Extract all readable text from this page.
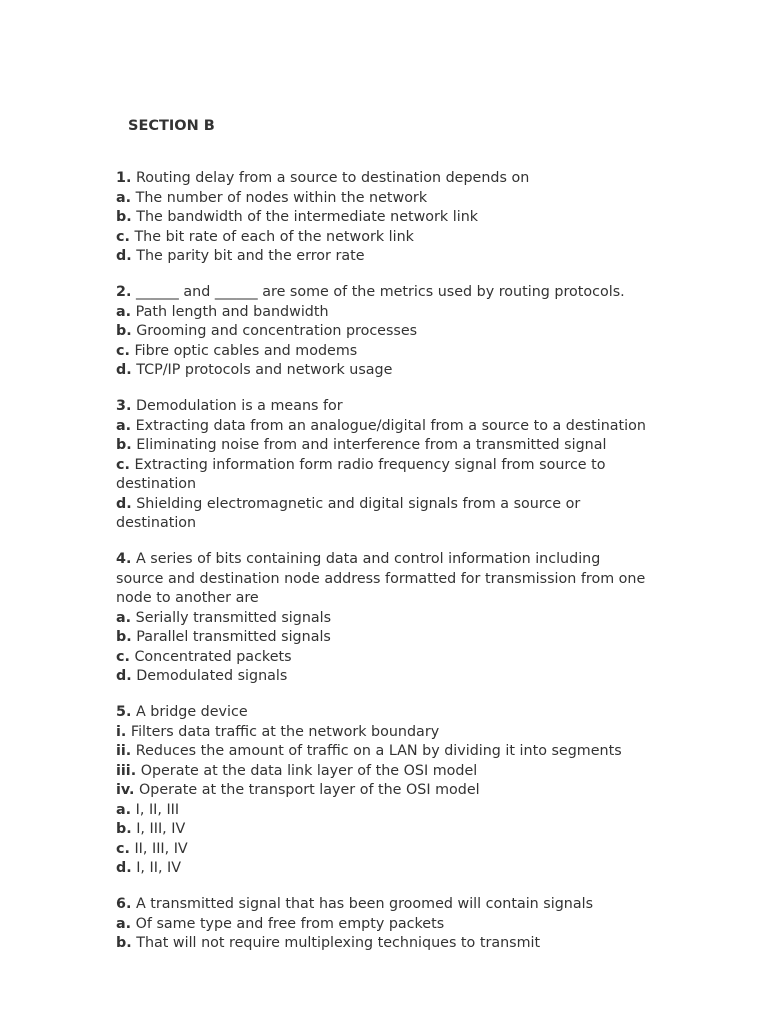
SECTION B
1. Routing delay from a source to destination depends on
a. The number of nodes within the network
b. The bandwidth of the intermediate network link
c. The bit rate of each of the network link
d. The parity bit and the error rate
2. ______ and ______ are some of the metrics used by routing protocols.
a. Path length and bandwidth
b. Grooming and concentration processes
c. Fibre optic cables and modems
d. TCP/IP protocols and network usage
3. Demodulation is a means for
a. Extracting data from an analogue/digital from a source to a destination
b. Eliminating noise from and interference from a transmitted signal
c. Extracting information form radio frequency signal from source to destination
d. Shielding electromagnetic and digital signals from a source or destination
4. A series of bits containing data and control information including source and destination node address formatted for transmission from one node to another are
a. Serially transmitted signals
b. Parallel transmitted signals
c. Concentrated packets
d. Demodulated signals
5. A bridge device
i. Filters data traffic at the network boundary
ii. Reduces the amount of traffic on a LAN by dividing it into segments
iii. Operate at the data link layer of the OSI model
iv. Operate at the transport layer of the OSI model
a. I, II, III
b. I, III, IV
c. II, III, IV
d. I, II, IV
6. A transmitted signal that has been groomed will contain signals
a. Of same type and free from empty packets
b. That will not require multiplexing techniques to transmit
